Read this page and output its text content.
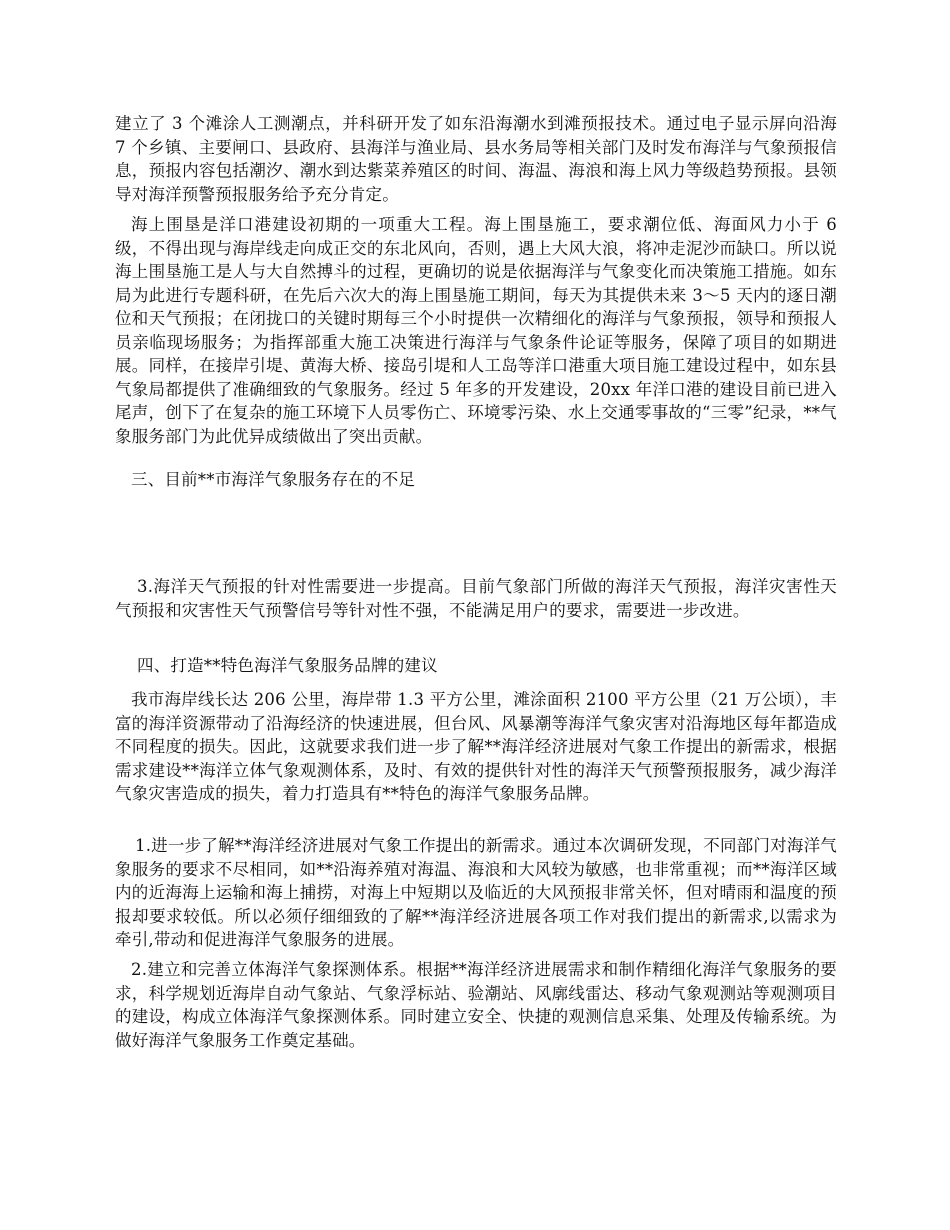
建立了 3 个滩涂人工测潮点，并科研开发了如东沿海潮水到滩预报技术。通过电子显示屏向沿海 7 个乡镇、主要闸口、县政府、县海洋与渔业局、县水务局等相关部门及时发布海洋与气象预报信息，预报内容包括潮汐、潮水到达紫菜养殖区的时间、海温、海浪和海上风力等级趋势预报。县领导对海洋预警预报服务给予充分肯定。

海上围垦是洋口港建设初期的一项重大工程。海上围垦施工，要求潮位低、海面风力小于 6 级，不得出现与海岸线走向成正交的东北风向，否则，遇上大风大浪，将冲走泥沙而缺口。所以说海上围垦施工是人与大自然搏斗的过程，更确切的说是依据海洋与气象变化而决策施工措施。如东局为此进行专题科研，在先后六次大的海上围垦施工期间，每天为其提供未来 3～5 天内的逐日潮位和天气预报；在闭拢口的关键时期每三个小时提供一次精细化的海洋与气象预报，领导和预报人员亲临现场服务；为指挥部重大施工决策进行海洋与气象条件论证等服务，保障了项目的如期进展。同样，在接岸引堤、黄海大桥、接岛引堤和人工岛等洋口港重大项目施工建设过程中，如东县气象局都提供了准确细致的气象服务。经过 5 年多的开发建设，20xx 年洋口港的建设目前已进入尾声，创下了在复杂的施工环境下人员零伤亡、环境零污染、水上交通零事故的“三零”纪录，**气象服务部门为此优异成绩做出了突出贡献。

三、目前**市海洋气象服务存在的不足

3.海洋天气预报的针对性需要进一步提高。目前气象部门所做的海洋天气预报，海洋灾害性天气预报和灾害性天气预警信号等针对性不强，不能满足用户的要求，需要进一步改进。

四、打造**特色海洋气象服务品牌的建议

我市海岸线长达 206 公里，海岸带 1.3 平方公里，滩涂面积 2100 平方公里（21 万公顷），丰富的海洋资源带动了沿海经济的快速进展，但台风、风暴潮等海洋气象灾害对沿海地区每年都造成不同程度的损失。因此，这就要求我们进一步了解**海洋经济进展对气象工作提出的新需求，根据需求建设**海洋立体气象观测体系，及时、有效的提供针对性的海洋天气预警预报服务，减少海洋气象灾害造成的损失，着力打造具有**特色的海洋气象服务品牌。

1.进一步了解**海洋经济进展对气象工作提出的新需求。通过本次调研发现，不同部门对海洋气象服务的要求不尽相同，如**沿海养殖对海温、海浪和大风较为敏感，也非常重视；而**海洋区域内的近海海上运输和海上捕捞，对海上中短期以及临近的大风预报非常关怀，但对晴雨和温度的预报却要求较低。所以必须仔细细致的了解**海洋经济进展各项工作对我们提出的新需求,以需求为牵引,带动和促进海洋气象服务的进展。

2.建立和完善立体海洋气象探测体系。根据**海洋经济进展需求和制作精细化海洋气象服务的要求，科学规划近海岸自动气象站、气象浮标站、验潮站、风廓线雷达、移动气象观测站等观测项目的建设，构成立体海洋气象探测体系。同时建立安全、快捷的观测信息采集、处理及传输系统。为做好海洋气象服务工作奠定基础。
